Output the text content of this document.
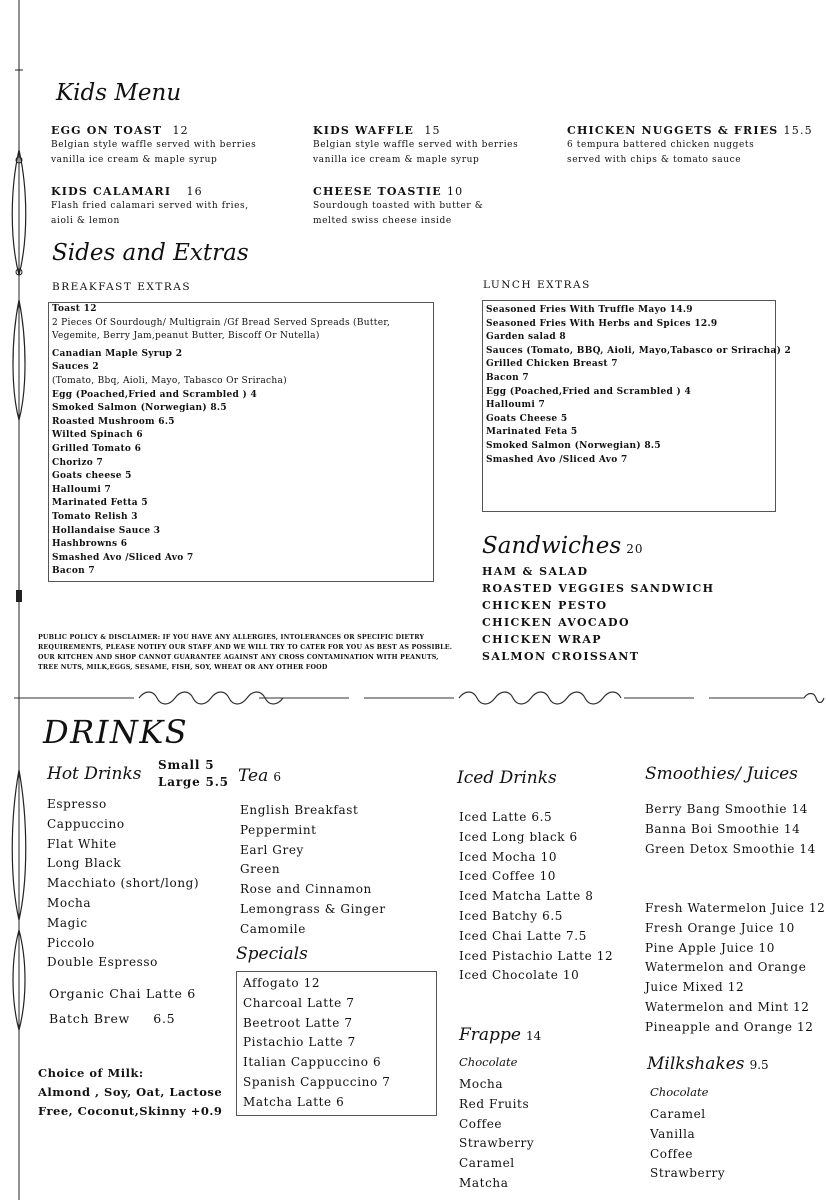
Kids Menu
EGG ON TOAST 12
Belgian style waffle served with berries
vanilla ice cream & maple syrup
KIDS WAFFLE 15
Belgian style waffle served with berries
vanilla ice cream & maple syrup
CHICKEN NUGGETS & FRIES 15.5
6 tempura battered chicken nuggets
served with chips & tomato sauce
KIDS CALAMARI 16
Flash fried calamari served with fries,
aioli & lemon
CHEESE TOASTIE 10
Sourdough toasted with butter &
melted swiss cheese inside
Sides and Extras
BREAKFAST EXTRAS	LUNCH EXTRAS
Toast 12
2 Pieces Of Sourdough/ Multigrain /Gf Bread Served Spreads (Butter,
Vegemite, Berry Jam,peanut Butter, Biscoff Or Nutella)
Canadian Maple Syrup 2
Sauces 2
(Tomato, Bbq, Aioli, Mayo, Tabasco Or Sriracha)
Egg (Poached,Fried and Scrambled ) 4
Smoked Salmon (Norwegian) 8.5
Roasted Mushroom 6.5
Wilted Spinach 6
Grilled Tomato 6
Chorizo 7
Goats cheese 5
Halloumi 7
Marinated Fetta 5
Tomato Relish 3
Hollandaise Sauce 3
Hashbrowns 6
Smashed Avo /Sliced Avo 7
Bacon 7
Seasoned Fries With Truffle Mayo 14.9
Seasoned Fries With Herbs and Spices 12.9
Garden salad 8
Sauces (Tomato, BBQ, Aioli, Mayo,Tabasco or Sriracha) 2
Grilled Chicken Breast 7
Bacon 7
Egg (Poached,Fried and Scrambled ) 4
Halloumi 7
Goats Cheese 5
Marinated Feta 5
Smoked Salmon (Norwegian) 8.5
Smashed Avo /Sliced Avo 7
Sandwiches 20
HAM & SALAD
ROASTED VEGGIES SANDWICH
CHICKEN PESTO
CHICKEN AVOCADO
CHICKEN WRAP
SALMON CROISSANT
PUBLIC POLICY & DISCLAIMER: IF YOU HAVE ANY ALLERGIES, INTOLERANCES OR SPECIFIC DIETRY
REQUIREMENTS, PLEASE NOTIFY OUR STAFF AND WE WILL TRY TO CATER FOR YOU AS BEST AS POSSIBLE.
OUR KITCHEN AND SHOP CANNOT GUARANTEE AGAINST ANY CROSS CONTAMINATION WITH PEANUTS,
TREE NUTS, MILK,EGGS, SESAME, FISH, SOY, WHEAT OR ANY OTHER FOOD
DRINKS
Hot Drinks Small 5
Large 5.5
Espresso
Cappuccino
Flat White
Long Black
Macchiato (short/long)
Mocha
Magic
Piccolo
Double Espresso
Organic Chai Latte 6
Batch Brew     6.5
Choice of Milk:
Almond , Soy, Oat, Lactose
Free, Coconut,Skinny +0.9
Tea 6
English Breakfast
Peppermint
Earl Grey
Green
Rose and Cinnamon
Lemongrass & Ginger
Camomile
Specials
Affogato 12
Charcoal Latte 7
Beetroot Latte 7
Pistachio Latte 7
Italian Cappuccino 6
Spanish Cappuccino 7
Matcha Latte 6
Iced Drinks
Iced Latte 6.5
Iced Long black 6
Iced Mocha 10
Iced Coffee 10
Iced Matcha Latte 8
Iced Batchy 6.5
Iced Chai Latte 7.5
Iced Pistachio Latte 12
Iced Chocolate 10
Frappe 14
Chocolate
Mocha
Red Fruits
Coffee
Strawberry
Caramel
Matcha
Smoothies/ Juices
Berry Bang Smoothie 14
Banna Boi Smoothie 14
Green Detox Smoothie 14
Fresh Watermelon Juice 12
Fresh Orange Juice 10
Pine Apple Juice 10
Watermelon and Orange
Juice Mixed 12
Watermelon and Mint 12
Pineapple and Orange 12
Milkshakes 9.5
Chocolate
Caramel
Vanilla
Coffee
Strawberry
